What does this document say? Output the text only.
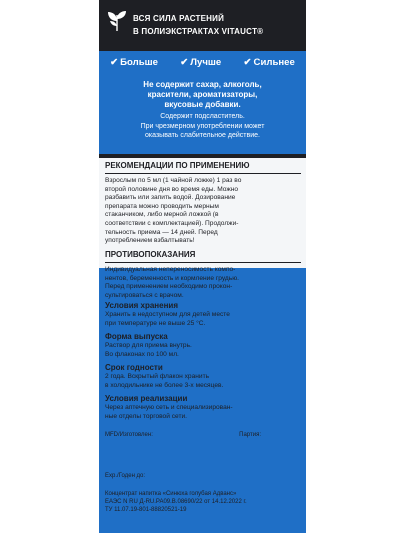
ВСЯ СИЛА РАСТЕНИЙ
В ПОЛИЭКСТРАКТАХ VITAUCT®
✔ Больше ✔ Лучше ✔ Сильнее
Не содержит сахар, алкоголь,
красители, ароматизаторы,
вкусовые добавки.
Содержит подсластитель.
При чрезмерном употреблении может
оказывать слабительное действие.
РЕКОМЕНДАЦИИ ПО ПРИМЕНЕНИЮ
Взрослым по 5 мл (1 чайной ложке) 1 раз во
второй половине дня во время еды. Можно
разбавить или запить водой. Дозирование
препарата можно проводить мерным
стаканчиком, либо мерной ложкой (в
соответствии с комплектацией). Продолжи-
тельность приема — 14 дней. Перед
употреблением взбалтывать!
ПРОТИВОПОКАЗАНИЯ
Индивидуальная непереносимость компо-
нентов, беременность и кормление грудью.
Перед применением необходимо прокон-
сультироваться с врачом.
Условия хранения
Хранить в недоступном для детей месте
при температуре не выше 25 °С.
Форма выпуска
Раствор для приема внутрь.
Во флаконах по 100 мл.
Срок годности
2 года. Вскрытый флакон хранить
в холодильнике не более 3-х месяцев.
Условия реализации
Через аптечную сеть и специализирован-
ные отделы торговой сети.
MFD/Изготовлен:	Партия:
Exp./Годен до:
Концентрат напитка «Синюха голубая Адванс»
ЕАЭС N RU Д-RU.PA09.B.08690/22 от 14.12.2022 г.
ТУ 11.07.19-801-88820521-19
